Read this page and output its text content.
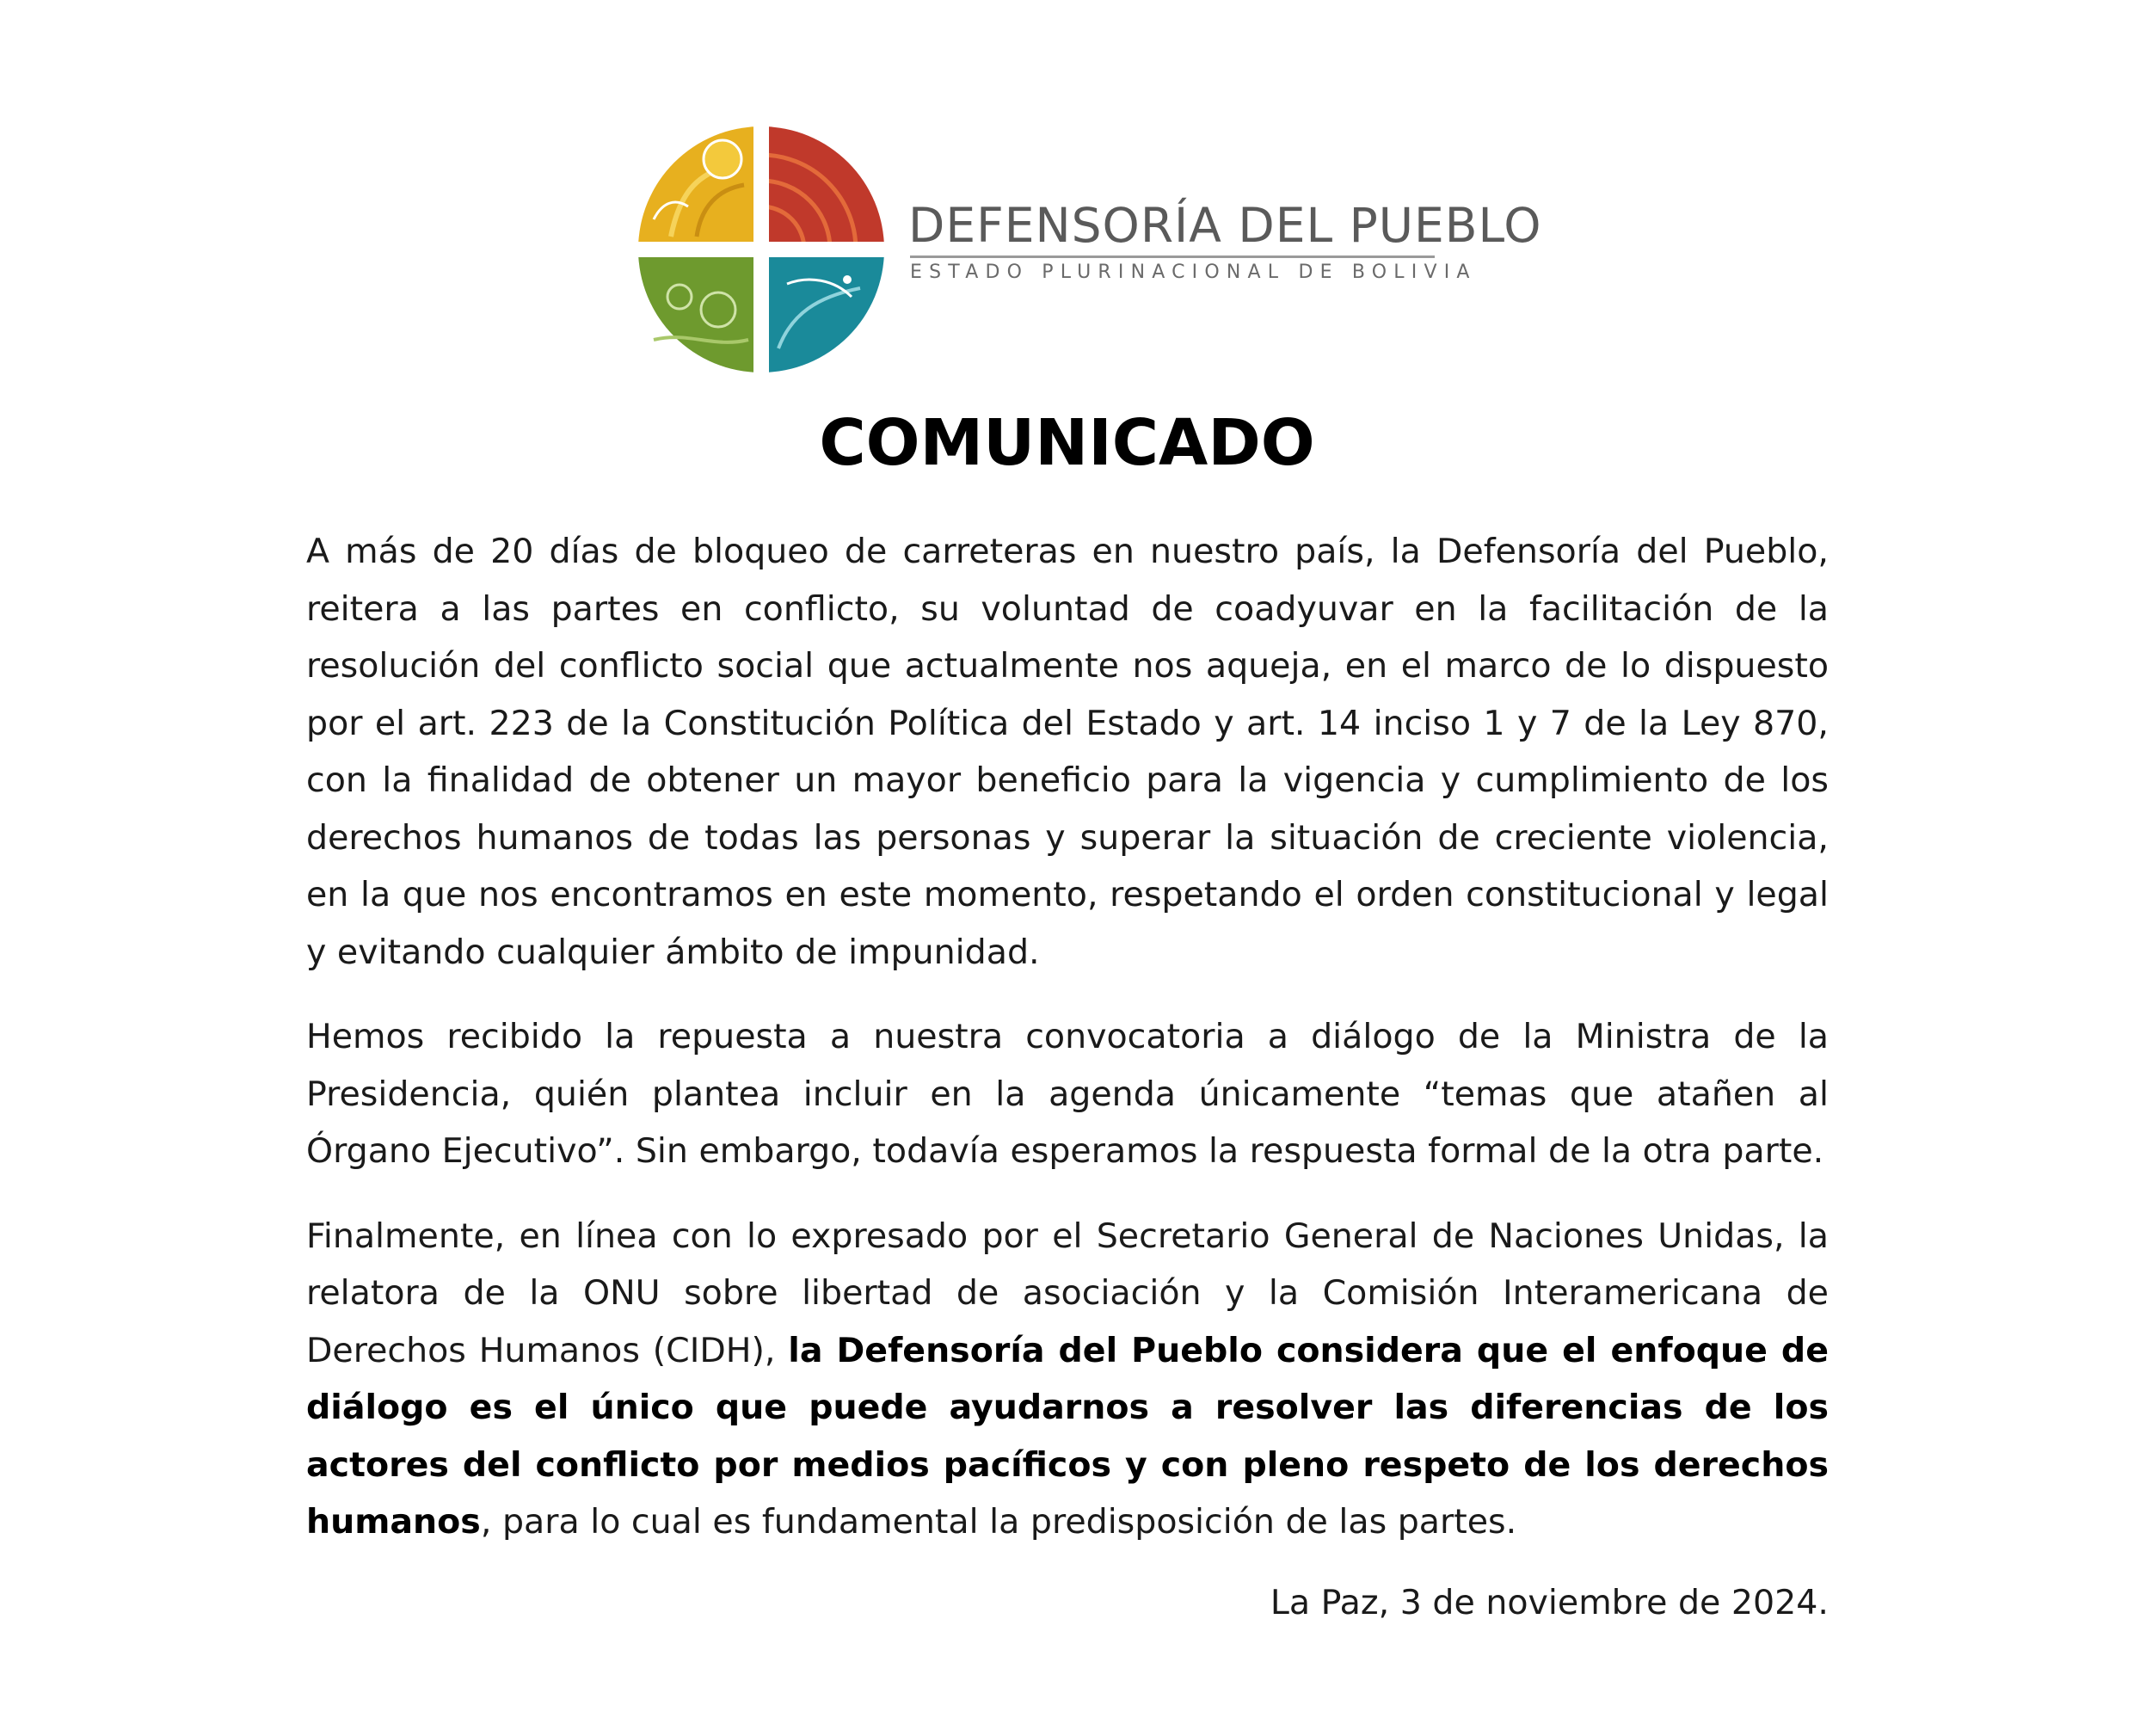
DEFENSORÍA DEL PUEBLO
ESTADO PLURINACIONAL DE BOLIVIA
COMUNICADO

A más de 20 días de bloqueo de carreteras en nuestro país, la Defensoría del Pueblo, reitera a las partes en conflicto, su voluntad de coadyuvar en la facilitación de la resolución del conflicto social que actualmente nos aqueja, en el marco de lo dispuesto por el art. 223 de la Constitución Política del Estado y art. 14 inciso 1 y 7 de la Ley 870, con la finalidad de obtener un mayor beneficio para la vigencia y cumplimiento de los derechos humanos de todas las personas y superar la situación de creciente violencia, en la que nos encontramos en este momento, respetando el orden constitucional y legal y evitando cualquier ámbito de impunidad.

Hemos recibido la repuesta a nuestra convocatoria a diálogo de la Ministra de la Presidencia, quién plantea incluir en la agenda únicamente “temas que atañen al Órgano Ejecutivo”. Sin embargo, todavía esperamos la respuesta formal de la otra parte.

Finalmente, en línea con lo expresado por el Secretario General de Naciones Unidas, la relatora de la ONU sobre libertad de asociación y la Comisión Interamericana de Derechos Humanos (CIDH), la Defensoría del Pueblo considera que el enfoque de diálogo es el único que puede ayudarnos a resolver las diferencias de los actores del conflicto por medios pacíficos y con pleno respeto de los derechos humanos, para lo cual es fundamental la predisposición de las partes.

La Paz, 3 de noviembre de 2024.
